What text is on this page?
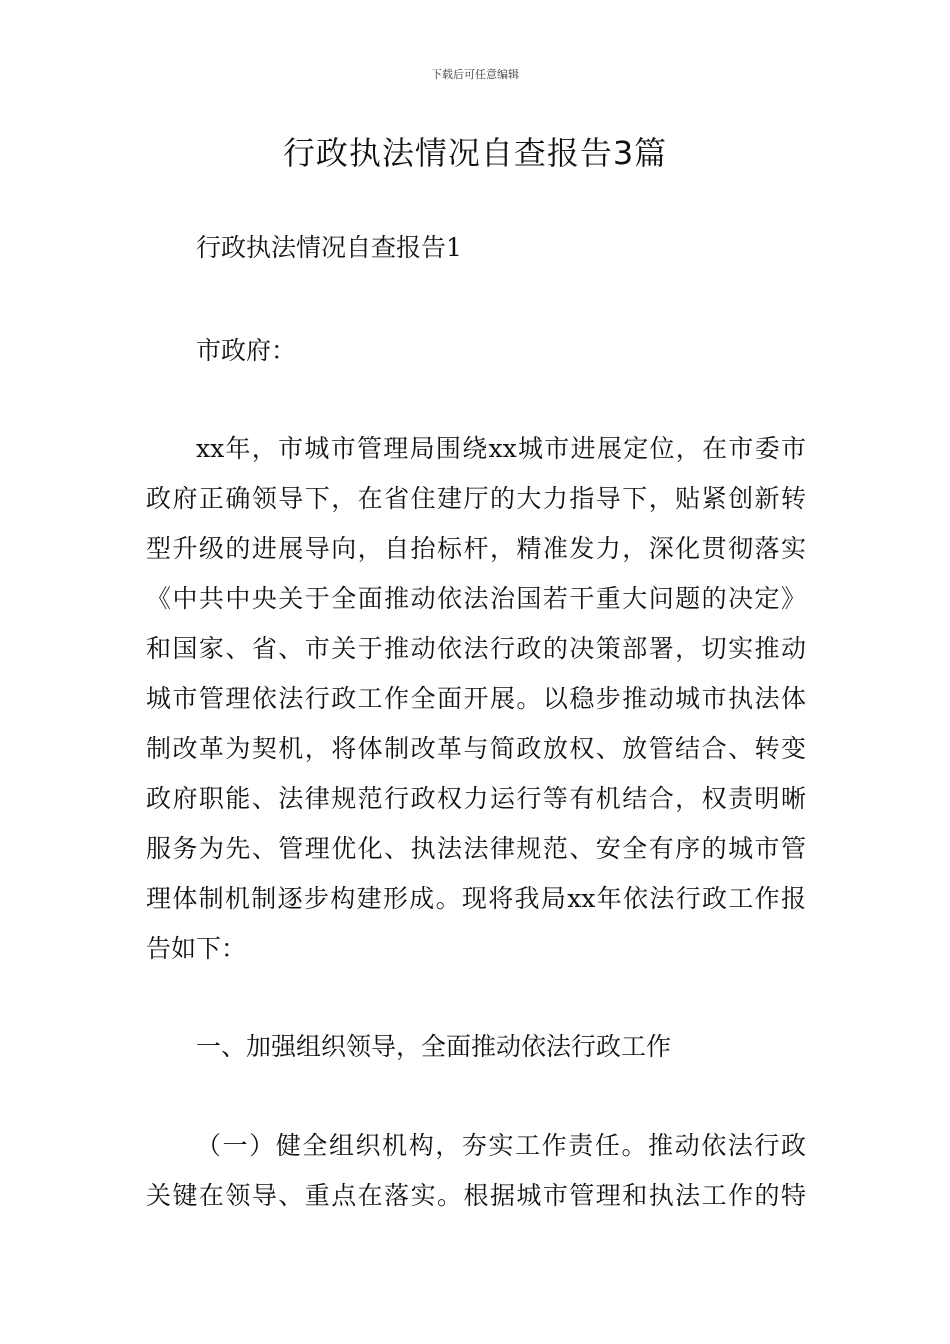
下载后可任意编辑
行政执法情况自查报告3篇

行政执法情况自查报告1

市政府：

xx年，市城市管理局围绕xx城市进展定位，在市委市
政府正确领导下，在省住建厅的大力指导下，贴紧创新转
型升级的进展导向，自抬标杆，精准发力，深化贯彻落实
《中共中央关于全面推动依法治国若干重大问题的决定》
和国家、省、市关于推动依法行政的决策部署，切实推动
城市管理依法行政工作全面开展。以稳步推动城市执法体
制改革为契机，将体制改革与简政放权、放管结合、转变
政府职能、法律规范行政权力运行等有机结合，权责明晰
服务为先、管理优化、执法法律规范、安全有序的城市管
理体制机制逐步构建形成。现将我局xx年依法行政工作报
告如下：

一、加强组织领导，全面推动依法行政工作

（一）健全组织机构，夯实工作责任。推动依法行政
关键在领导、重点在落实。根据城市管理和执法工作的特
